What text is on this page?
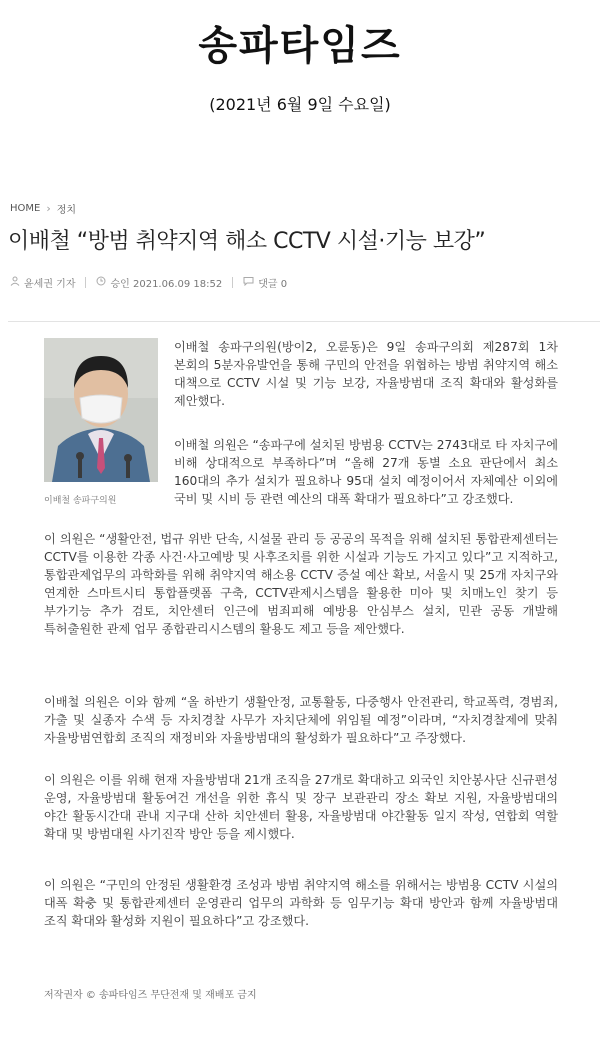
송파타임즈
(2021년 6월 9일 수요일)
HOME › 정치
이배철 “방범 취약지역 해소 CCTV 시설·기능 보강”
윤세권 기자	승인 2021.06.09 18:52	댓글 0
이배철 송파구의원

이배철 송파구의원(방이2, 오륜동)은 9일 송파구의회 제287회 1차 본회의 5분자유발언을 통해 구민의 안전을 위협하는 방범 취약지역 해소 대책으로 CCTV 시설 및 기능 보강, 자율방범대 조직 확대와 활성화를 제안했다.

이배철 의원은 “송파구에 설치된 방범용 CCTV는 2743대로 타 자치구에 비해 상대적으로 부족하다”며 “올해 27개 동별 소요 판단에서 최소 160대의 추가 설치가 필요하나 95대 설치 예정이어서 자체예산 이외에 국비 및 시비 등 관련 예산의 대폭 확대가 필요하다”고 강조했다.

이 의원은 “생활안전, 법규 위반 단속, 시설물 관리 등 공공의 목적을 위해 설치된 통합관제센터는 CCTV를 이용한 각종 사건·사고예방 및 사후조치를 위한 시설과 기능도 가지고 있다”고 지적하고, 통합관제업무의 과학화를 위해 취약지역 해소용 CCTV 증설 예산 확보, 서울시 및 25개 자치구와 연계한 스마트시티 통합플랫폼 구축, CCTV관제시스템을 활용한 미아 및 치매노인 찾기 등 부가기능 추가 검토, 치안센터 인근에 범죄피해 예방용 안심부스 설치, 민관 공동 개발해 특허출원한 관제 업무 종합관리시스템의 활용도 제고 등을 제안했다.

이배철 의원은 이와 함께 “올 하반기 생활안정, 교통활동, 다중행사 안전관리, 학교폭력, 경범죄, 가출 및 실종자 수색 등 자치경찰 사무가 자치단체에 위임될 예정”이라며, “자치경찰제에 맞춰 자율방범연합회 조직의 재정비와 자율방범대의 활성화가 필요하다”고 주장했다.

이 의원은 이를 위해 현재 자율방범대 21개 조직을 27개로 확대하고 외국인 치안봉사단 신규편성 운영, 자율방범대 활동여건 개선을 위한 휴식 및 장구 보관관리 장소 확보 지원, 자율방범대의 야간 활동시간대 관내 지구대 산하 치안센터 활용, 자율방범대 야간활동 일지 작성, 연합회 역할 확대 및 방범대원 사기진작 방안 등을 제시했다.

이 의원은 “구민의 안정된 생활환경 조성과 방범 취약지역 해소를 위해서는 방범용 CCTV 시설의 대폭 확충 및 통합관제센터 운영관리 업무의 과학화 등 임무기능 확대 방안과 함께 자율방범대 조직 확대와 활성화 지원이 필요하다”고 강조했다.

저작권자 © 송파타임즈 무단전재 및 재배포 금지
